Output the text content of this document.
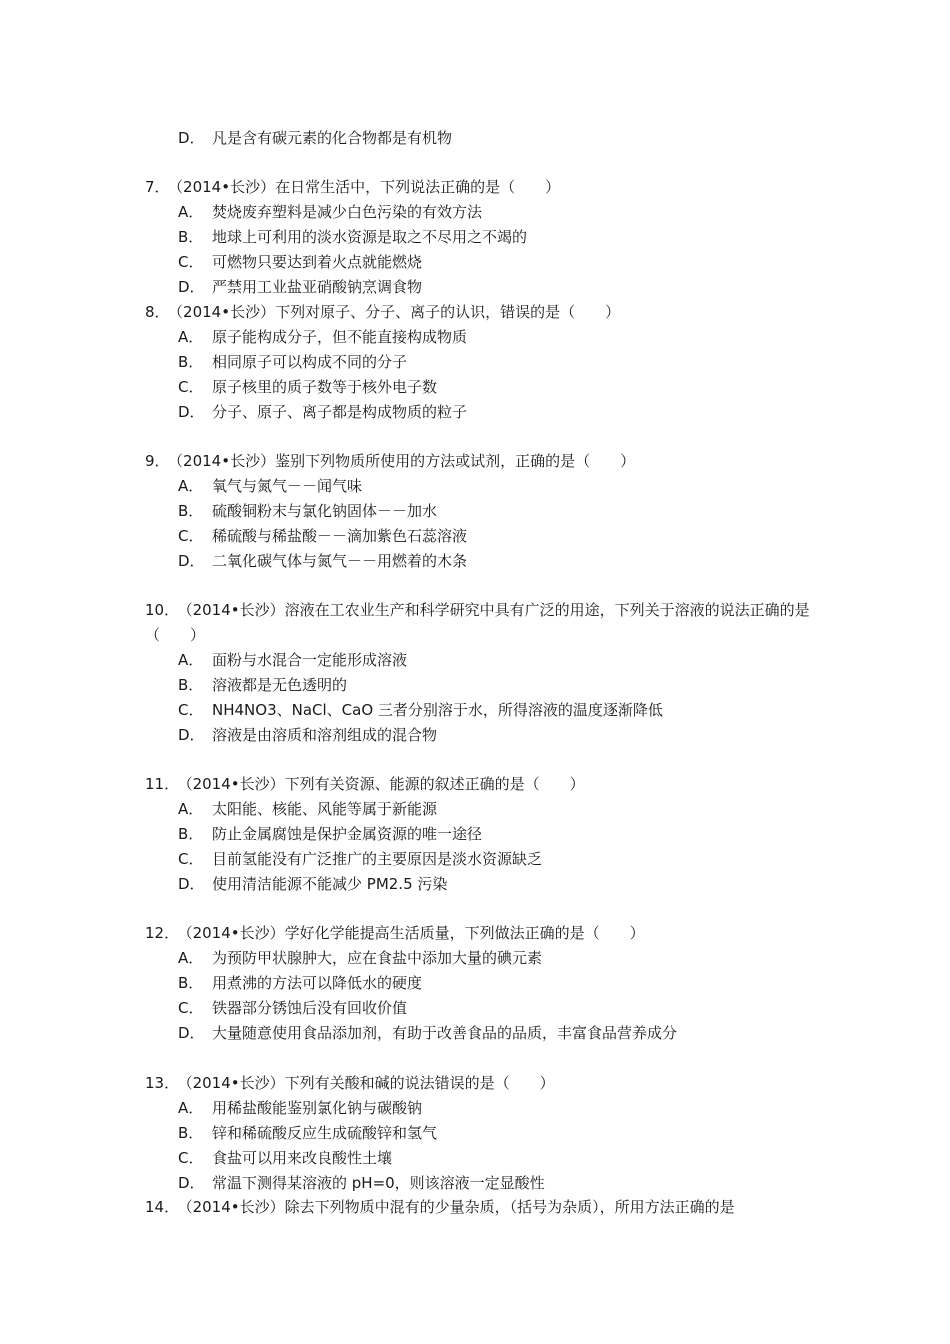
D． 凡是含有碳元素的化合物都是有机物
7． （2014•长沙）在日常生活中，下列说法正确的是（　　）
A． 焚烧废弃塑料是减少白色污染的有效方法
B． 地球上可利用的淡水资源是取之不尽用之不竭的
C． 可燃物只要达到着火点就能燃烧
D． 严禁用工业盐亚硝酸钠烹调食物
8． （2014•长沙）下列对原子、分子、离子的认识，错误的是（　　）
A． 原子能构成分子，但不能直接构成物质
B． 相同原子可以构成不同的分子
C． 原子核里的质子数等于核外电子数
D． 分子、原子、离子都是构成物质的粒子
9． （2014•长沙）鉴别下列物质所使用的方法或试剂，正确的是（　　）
A． 氧气与氮气－－闻气味
B． 硫酸铜粉末与氯化钠固体－－加水
C． 稀硫酸与稀盐酸－－滴加紫色石蕊溶液
D． 二氧化碳气体与氮气－－用燃着的木条
10． （2014•长沙）溶液在工农业生产和科学研究中具有广泛的用途，下列关于溶液的说法正确的是（　　）
A． 面粉与水混合一定能形成溶液
B． 溶液都是无色透明的
C． NH4NO3、NaCl、CaO 三者分别溶于水，所得溶液的温度逐渐降低
D． 溶液是由溶质和溶剂组成的混合物
11． （2014•长沙）下列有关资源、能源的叙述正确的是（　　）
A． 太阳能、核能、风能等属于新能源
B． 防止金属腐蚀是保护金属资源的唯一途径
C． 目前氢能没有广泛推广的主要原因是淡水资源缺乏
D． 使用清洁能源不能减少 PM2.5 污染
12． （2014•长沙）学好化学能提高生活质量，下列做法正确的是（　　）
A． 为预防甲状腺肿大，应在食盐中添加大量的碘元素
B． 用煮沸的方法可以降低水的硬度
C． 铁器部分锈蚀后没有回收价值
D． 大量随意使用食品添加剂，有助于改善食品的品质，丰富食品营养成分
13． （2014•长沙）下列有关酸和碱的说法错误的是（　　）
A． 用稀盐酸能鉴别氯化钠与碳酸钠
B． 锌和稀硫酸反应生成硫酸锌和氢气
C． 食盐可以用来改良酸性土壤
D． 常温下测得某溶液的 pH=0，则该溶液一定显酸性
14． （2014•长沙）除去下列物质中混有的少量杂质，（括号为杂质），所用方法正确的是
